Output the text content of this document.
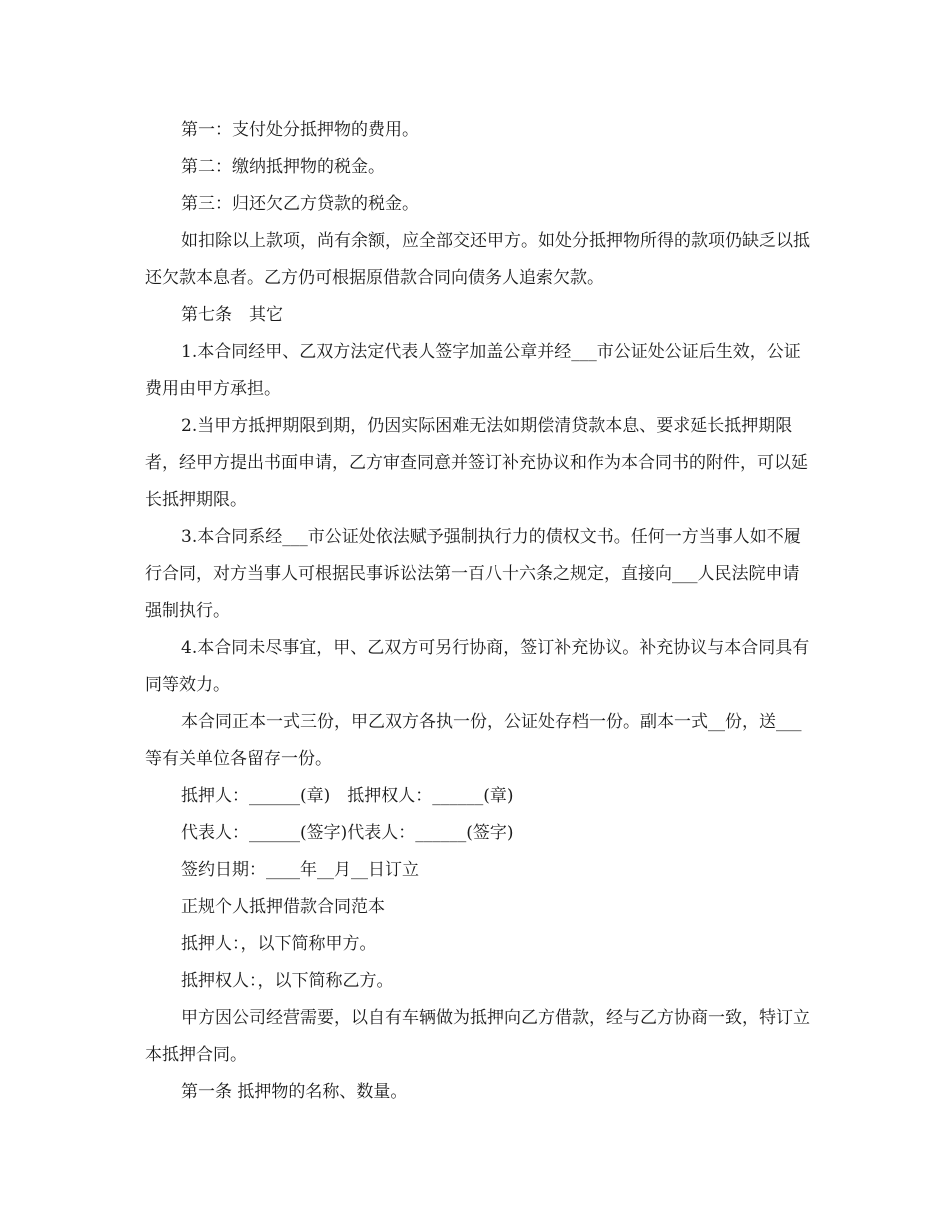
第一：支付处分抵押物的费用。

第二：缴纳抵押物的税金。

第三：归还欠乙方贷款的税金。

如扣除以上款项，尚有余额，应全部交还甲方。如处分抵押物所得的款项仍缺乏以抵还欠款本息者。乙方仍可根据原借款合同向债务人追索欠款。

第七条　其它

1.本合同经甲、乙双方法定代表人签字加盖公章并经___市公证处公证后生效，公证费用由甲方承担。

2.当甲方抵押期限到期，仍因实际困难无法如期偿清贷款本息、要求延长抵押期限者，经甲方提出书面申请，乙方审查同意并签订补充协议和作为本合同书的附件，可以延长抵押期限。

3.本合同系经___市公证处依法赋予强制执行力的债权文书。任何一方当事人如不履行合同，对方当事人可根据民事诉讼法第一百八十六条之规定，直接向___人民法院申请强制执行。

4.本合同未尽事宜，甲、乙双方可另行协商，签订补充协议。补充协议与本合同具有同等效力。

本合同正本一式三份，甲乙双方各执一份，公证处存档一份。副本一式__份，送___等有关单位各留存一份。

抵押人：______(章)　抵押权人：______(章)

代表人：______(签字)代表人：______(签字)

签约日期：____年__月__日订立

正规个人抵押借款合同范本

抵押人：，以下简称甲方。

抵押权人：，以下简称乙方。

甲方因公司经营需要，以自有车辆做为抵押向乙方借款，经与乙方协商一致，特订立本抵押合同。

第一条 抵押物的名称、数量。
